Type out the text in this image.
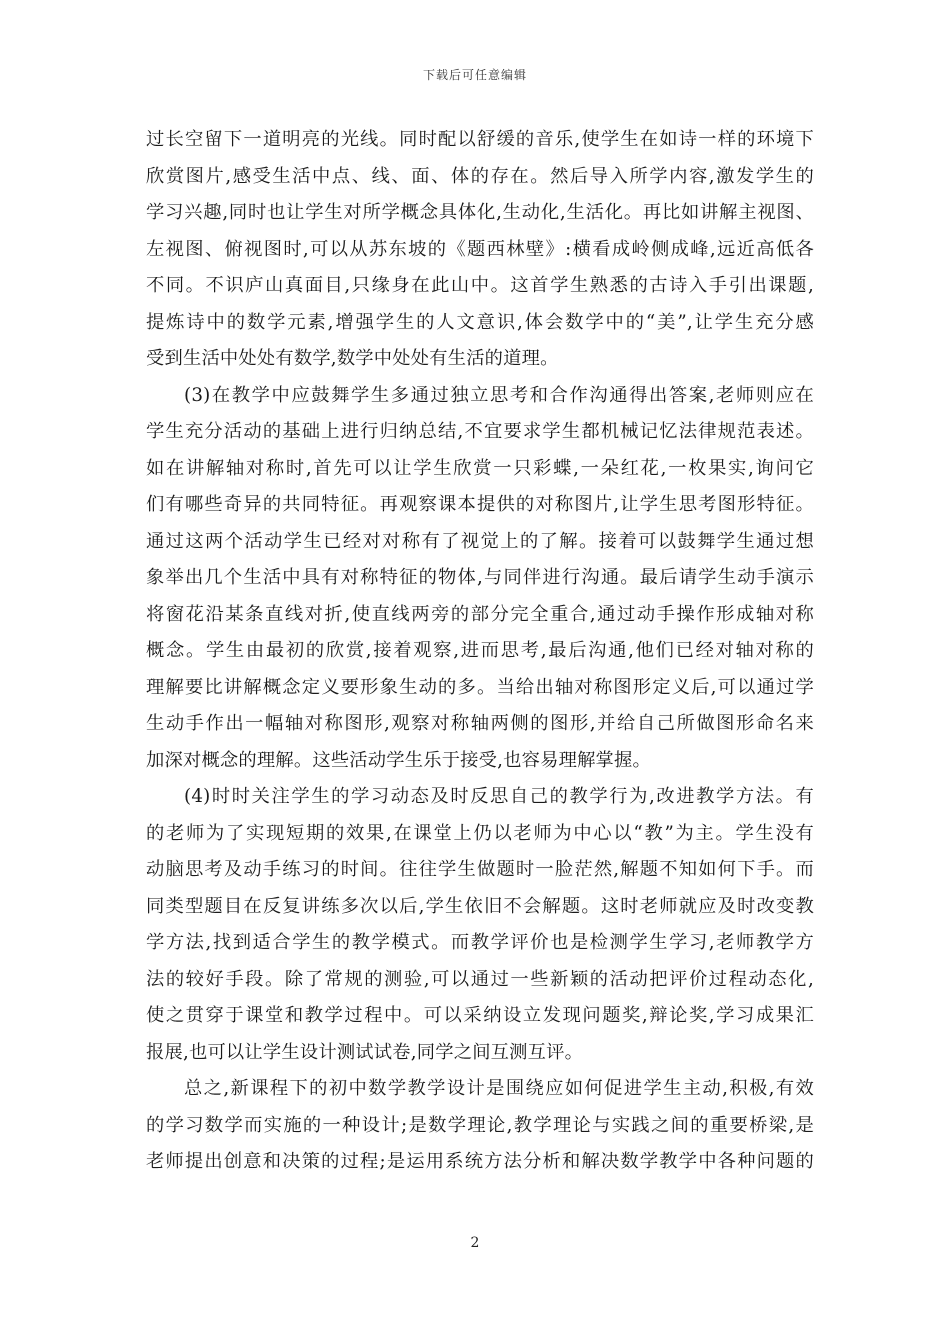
下载后可任意编辑
过长空留下一道明亮的光线。同时配以舒缓的音乐,使学生在如诗一样的环境下
欣赏图片,感受生活中点、线、面、体的存在。然后导入所学内容,激发学生的
学习兴趣,同时也让学生对所学概念具体化,生动化,生活化。再比如讲解主视图、
左视图、俯视图时,可以从苏东坡的《题西林壁》:横看成岭侧成峰,远近高低各
不同。不识庐山真面目,只缘身在此山中。这首学生熟悉的古诗入手引出课题,
提炼诗中的数学元素,增强学生的人文意识,体会数学中的“美”,让学生充分感
受到生活中处处有数学,数学中处处有生活的道理。
(3)在教学中应鼓舞学生多通过独立思考和合作沟通得出答案,老师则应在
学生充分活动的基础上进行归纳总结,不宜要求学生都机械记忆法律规范表述。
如在讲解轴对称时,首先可以让学生欣赏一只彩蝶,一朵红花,一枚果实,询问它
们有哪些奇异的共同特征。再观察课本提供的对称图片,让学生思考图形特征。
通过这两个活动学生已经对对称有了视觉上的了解。接着可以鼓舞学生通过想
象举出几个生活中具有对称特征的物体,与同伴进行沟通。最后请学生动手演示
将窗花沿某条直线对折,使直线两旁的部分完全重合,通过动手操作形成轴对称
概念。学生由最初的欣赏,接着观察,进而思考,最后沟通,他们已经对轴对称的
理解要比讲解概念定义要形象生动的多。当给出轴对称图形定义后,可以通过学
生动手作出一幅轴对称图形,观察对称轴两侧的图形,并给自己所做图形命名来
加深对概念的理解。这些活动学生乐于接受,也容易理解掌握。
(4)时时关注学生的学习动态及时反思自己的教学行为,改进教学方法。有
的老师为了实现短期的效果,在课堂上仍以老师为中心以“教”为主。学生没有
动脑思考及动手练习的时间。往往学生做题时一脸茫然,解题不知如何下手。而
同类型题目在反复讲练多次以后,学生依旧不会解题。这时老师就应及时改变教
学方法,找到适合学生的教学模式。而教学评价也是检测学生学习,老师教学方
法的较好手段。除了常规的测验,可以通过一些新颖的活动把评价过程动态化,
使之贯穿于课堂和教学过程中。可以采纳设立发现问题奖,辩论奖,学习成果汇
报展,也可以让学生设计测试试卷,同学之间互测互评。
总之,新课程下的初中数学教学设计是围绕应如何促进学生主动,积极,有效
的学习数学而实施的一种设计;是数学理论,教学理论与实践之间的重要桥梁,是
老师提出创意和决策的过程;是运用系统方法分析和解决数学教学中各种问题的
2
